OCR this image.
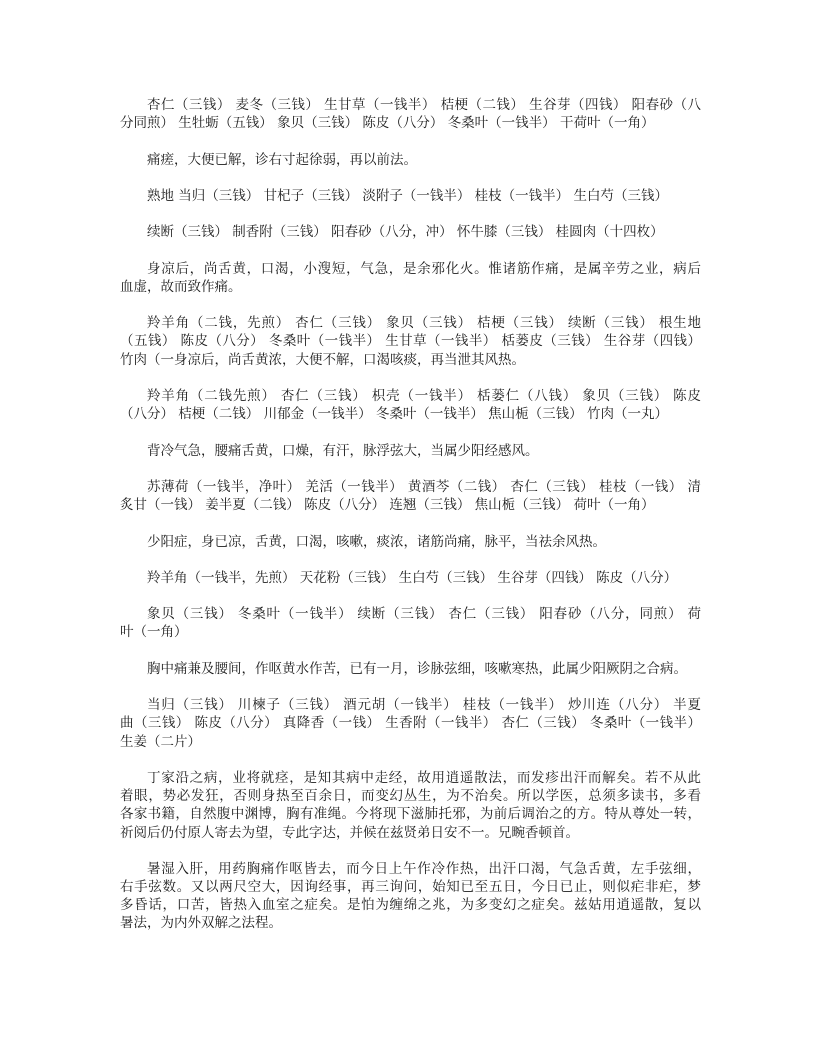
杏仁（三钱） 麦冬（三钱） 生甘草（一钱半） 桔梗（二钱） 生谷芽（四钱） 阳春砂（八
分同煎） 生牡蛎（五钱） 象贝（三钱） 陈皮（八分） 冬桑叶（一钱半） 干荷叶（一角）
痛瘥，大便已解，诊右寸起徐弱，再以前法。
熟地 当归（三钱） 甘杞子（三钱） 淡附子（一钱半） 桂枝（一钱半） 生白芍（三钱）
续断（三钱） 制香附（三钱） 阳春砂（八分，冲） 怀牛膝（三钱） 桂圆肉（十四枚）
身凉后，尚舌黄，口渴，小溲短，气急，是余邪化火。惟诸筋作痛，是属辛劳之业，病后
血虚，故而致作痛。
羚羊角（二钱，先煎） 杏仁（三钱） 象贝（三钱） 桔梗（三钱） 续断（三钱） 根生地
（五钱） 陈皮（八分） 冬桑叶（一钱半） 生甘草（一钱半） 栝蒌皮（三钱） 生谷芽（四钱）
竹肉（一身凉后，尚舌黄浓，大便不解，口渴咳痰，再当泄其风热。
羚羊角（二钱先煎） 杏仁（三钱） 枳壳（一钱半） 栝蒌仁（八钱） 象贝（三钱） 陈皮
（八分） 桔梗（二钱） 川郁金（一钱半） 冬桑叶（一钱半） 焦山栀（三钱） 竹肉（一丸）
背冷气急，腰痛舌黄，口燥，有汗，脉浮弦大，当属少阳经感风。
苏薄荷（一钱半，净叶） 羌活（一钱半） 黄酒芩（二钱） 杏仁（三钱） 桂枝（一钱） 清
炙甘（一钱） 姜半夏（二钱） 陈皮（八分） 连翘（三钱） 焦山栀（三钱） 荷叶（一角）
少阳症，身已凉，舌黄，口渴，咳嗽，痰浓，诸筋尚痛，脉平，当祛余风热。
羚羊角（一钱半，先煎） 天花粉（三钱） 生白芍（三钱） 生谷芽（四钱） 陈皮（八分）
象贝（三钱） 冬桑叶（一钱半） 续断（三钱） 杏仁（三钱） 阳春砂（八分，同煎） 荷
叶（一角）
胸中痛兼及腰间，作呕黄水作苦，已有一月，诊脉弦细，咳嗽寒热，此属少阳厥阴之合病。
当归（三钱） 川楝子（三钱） 酒元胡（一钱半） 桂枝（一钱半） 炒川连（八分） 半夏
曲（三钱） 陈皮（八分） 真降香（一钱） 生香附（一钱半） 杏仁（三钱） 冬桑叶（一钱半）
生姜（二片）
丁家沿之病，业将就痉，是知其病中走经，故用逍遥散法，而发疹出汗而解矣。若不从此
着眼，势必发狂，否则身热至百余日，而变幻丛生，为不治矣。所以学医，总须多读书，多看
各家书籍，自然腹中渊博，胸有准绳。今将现下滋肺托邪，为前后调治之的方。特从尊处一转，
祈阅后仍付原人寄去为望，专此字达，并候在兹贤弟日安不一。兄畹香顿首。
暑湿入肝，用药胸痛作呕皆去，而今日上午作冷作热，出汗口渴，气急舌黄，左手弦细，
右手弦数。又以两尺空大，因询经事，再三询问，始知已至五日，今日已止，则似疟非疟，梦
多昏话，口苦，皆热入血室之症矣。是怕为缠绵之兆，为多变幻之症矣。兹姑用逍遥散，复以
暑法，为内外双解之法程。
